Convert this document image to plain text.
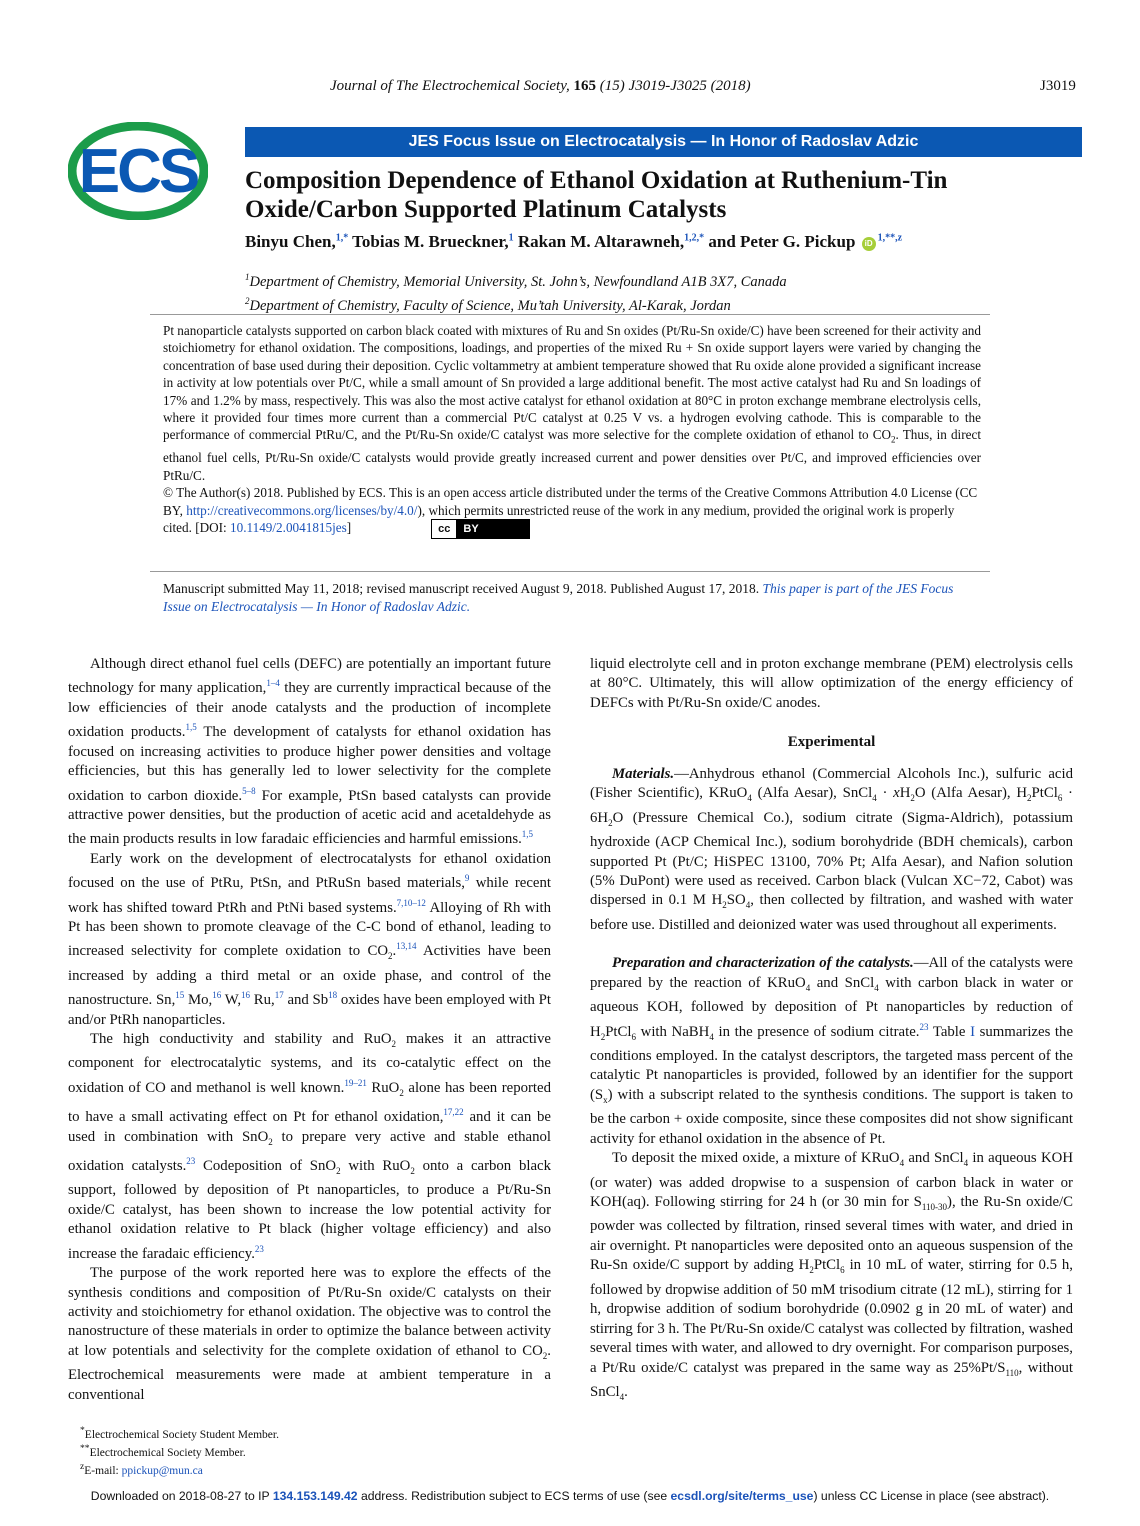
Journal of The Electrochemical Society, 165 (15) J3019-J3025 (2018)	J3019
ECS	JES Focus Issue on Electrocatalysis — In Honor of Radoslav Adzic
Composition Dependence of Ethanol Oxidation at Ruthenium-Tin Oxide/Carbon Supported Platinum Catalysts
Binyu Chen,$^{1,*}$ Tobias M. Brueckner,$^1$ Rakan M. Altarawneh,$^{1,2,*}$ and Peter G. Pickup $iD^{1,**,z}$
$^1$Department of Chemistry, Memorial University, St. John’s, Newfoundland A1B 3X7, Canada
$^2$Department of Chemistry, Faculty of Science, Mu’tah University, Al-Karak, Jordan

Pt nanoparticle catalysts supported on carbon black coated with mixtures of Ru and Sn oxides (Pt/Ru-Sn oxide/C) have been screened for their activity and stoichiometry for ethanol oxidation. The compositions, loadings, and properties of the mixed Ru + Sn oxide support layers were varied by changing the concentration of base used during their deposition. Cyclic voltammetry at ambient temperature showed that Ru oxide alone provided a significant increase in activity at low potentials over Pt/C, while a small amount of Sn provided a large additional benefit. The most active catalyst had Ru and Sn loadings of 17% and 1.2% by mass, respectively. This was also the most active catalyst for ethanol oxidation at 80°C in proton exchange membrane electrolysis cells, where it provided four times more current than a commercial Pt/C catalyst at 0.25 V vs. a hydrogen evolving cathode. This is comparable to the performance of commercial PtRu/C, and the Pt/Ru-Sn oxide/C catalyst was more selective for the complete oxidation of ethanol to $CO_2$. Thus, in direct ethanol fuel cells, Pt/Ru-Sn oxide/C catalysts would provide greatly increased current and power densities over Pt/C, and improved efficiencies over PtRu/C.

© The Author(s) 2018. Published by ECS. This is an open access article distributed under the terms of the Creative Commons Attribution 4.0 License (CC BY, http://creativecommons.org/licenses/by/4.0/), which permits unrestricted reuse of the work in any medium, provided the original work is properly cited. [DOI: 10.1149/2.0041815jes]	cc	BY

Manuscript submitted May 11, 2018; revised manuscript received August 9, 2018. Published August 17, 2018. This paper is part of the JES Focus Issue on Electrocatalysis — In Honor of Radoslav Adzic.

Although direct ethanol fuel cells (DEFC) are potentially an important future technology for many application,$^{1-4}$ they are currently impractical because of the low efficiencies of their anode catalysts and the production of incomplete oxidation products.$^{1,5}$ The development of catalysts for ethanol oxidation has focused on increasing activities to produce higher power densities and voltage efficiencies, but this has generally led to lower selectivity for the complete oxidation to carbon dioxide.$^{5-8}$ For example, PtSn based catalysts can provide attractive power densities, but the production of acetic acid and acetaldehyde as the main products results in low faradaic efficiencies and harmful emissions.$^{1,5}$

Early work on the development of electrocatalysts for ethanol oxidation focused on the use of PtRu, PtSn, and PtRuSn based materials,$^9$ while recent work has shifted toward PtRh and PtNi based systems.$^{7,10-12}$ Alloying of Rh with Pt has been shown to promote cleavage of the C-C bond of ethanol, leading to increased selectivity for complete oxidation to $CO_2.^{13,14}$ Activities have been increased by adding a third metal or an oxide phase, and control of the nanostructure. Sn,$^{15}$ Mo,$^{16}$ W,$^{16}$ Ru,$^{17}$ and Sb$^{18}$ oxides have been employed with Pt and/or PtRh nanoparticles.

The high conductivity and stability and RuO$_2$ makes it an attractive component for electrocatalytic systems, and its co-catalytic effect on the oxidation of CO and methanol is well known.$^{19-21}$ RuO$_2$ alone has been reported to have a small activating effect on Pt for ethanol oxidation,$^{17,22}$ and it can be used in combination with SnO$_2$ to prepare very active and stable ethanol oxidation catalysts.$^{23}$ Codeposition of SnO$_2$ with RuO$_2$ onto a carbon black support, followed by deposition of Pt nanoparticles, to produce a Pt/Ru-Sn oxide/C catalyst, has been shown to increase the low potential activity for ethanol oxidation relative to Pt black (higher voltage efficiency) and also increase the faradaic efficiency.$^{23}$

The purpose of the work reported here was to explore the effects of the synthesis conditions and composition of Pt/Ru-Sn oxide/C catalysts on their activity and stoichiometry for ethanol oxidation. The objective was to control the nanostructure of these materials in order to optimize the balance between activity at low potentials and selectivity for the complete oxidation of ethanol to $CO_2$. Electrochemical measurements were made at ambient temperature in a conventional

liquid electrolyte cell and in proton exchange membrane (PEM) electrolysis cells at 80°C. Ultimately, this will allow optimization of the energy efficiency of DEFCs with Pt/Ru-Sn oxide/C anodes.

Experimental

Materials.—Anhydrous ethanol (Commercial Alcohols Inc.), sulfuric acid (Fisher Scientific), KRuO$_4$ (Alfa Aesar), SnCl$_4$ · $xH_2O$ (Alfa Aesar), $H_2PtCl_6 \cdot 6H_2O$ (Pressure Chemical Co.), sodium citrate (Sigma-Aldrich), potassium hydroxide (ACP Chemical Inc.), sodium borohydride (BDH chemicals), carbon supported Pt (Pt/C; HiSPEC 13100, 70% Pt; Alfa Aesar), and Nafion solution (5% DuPont) were used as received. Carbon black (Vulcan XC−72, Cabot) was dispersed in 0.1 M $H_2SO_4$, then collected by filtration, and washed with water before use. Distilled and deionized water was used throughout all experiments.

Preparation and characterization of the catalysts.—All of the catalysts were prepared by the reaction of KRuO$_4$ and SnCl$_4$ with carbon black in water or aqueous KOH, followed by deposition of Pt nanoparticles by reduction of $H_2PtCl_6$ with NaBH$_4$ in the presence of sodium citrate.$^{23}$ Table I summarizes the conditions employed. In the catalyst descriptors, the targeted mass percent of the catalytic Pt nanoparticles is provided, followed by an identifier for the support $(S_x)$ with a subscript related to the synthesis conditions. The support is taken to be the carbon + oxide composite, since these composites did not show significant activity for ethanol oxidation in the absence of Pt.

To deposit the mixed oxide, a mixture of KRuO$_4$ and SnCl$_4$ in aqueous KOH (or water) was added dropwise to a suspension of carbon black in water or KOH(aq). Following stirring for 24 h (or 30 min for $S_{110-30}$), the Ru-Sn oxide/C powder was collected by filtration, rinsed several times with water, and dried in air overnight. Pt nanoparticles were deposited onto an aqueous suspension of the Ru-Sn oxide/C support by adding $H_2PtCl_6$ in 10 mL of water, stirring for 0.5 h, followed by dropwise addition of 50 mM trisodium citrate (12 mL), stirring for 1 h, dropwise addition of sodium borohydride (0.0902 g in 20 mL of water) and stirring for 3 h. The Pt/Ru-Sn oxide/C catalyst was collected by filtration, washed several times with water, and allowed to dry overnight. For comparison purposes, a Pt/Ru oxide/C catalyst was prepared in the same way as $25\%Pt/S_{110}$, without SnCl$_4$.

*Electrochemical Society Student Member.
**Electrochemical Society Member.
$^z$E-mail: ppickup@mun.ca
Downloaded on 2018-08-27 to IP 134.153.149.42 address. Redistribution subject to ECS terms of use (see ecsdl.org/site/terms_use) unless CC License in place (see abstract).
